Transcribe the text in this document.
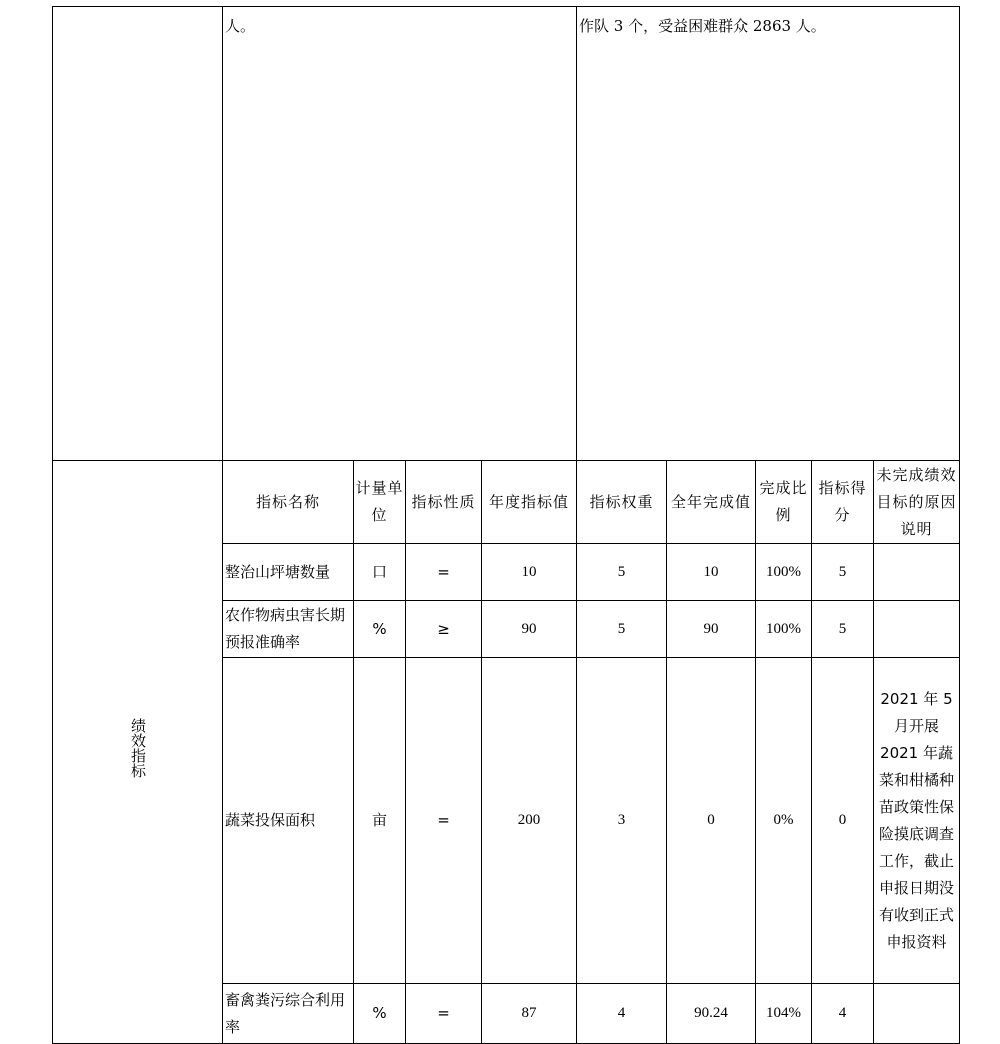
	人。				作队 3 个，受益困难群众 2863 人。				
绩效指标	指标名称	计量单位	指标性质	年度指标值	指标权重	全年完成值	完成比例	指标得分	未完成绩效目标的原因说明
	整治山坪塘数量	口	=	10	5	10	100%	5	
	农作物病虫害长期预报准确率	%	≥	90	5	90	100%	5	
	蔬菜投保面积	亩	=	200	3	0	0%	0	2021 年 5 月开展 2021 年蔬菜和柑橘种苗政策性保险摸底调查工作，截止申报日期没有收到正式申报资料
	畜禽粪污综合利用率	%	=	87	4	90.24	104%	4	
